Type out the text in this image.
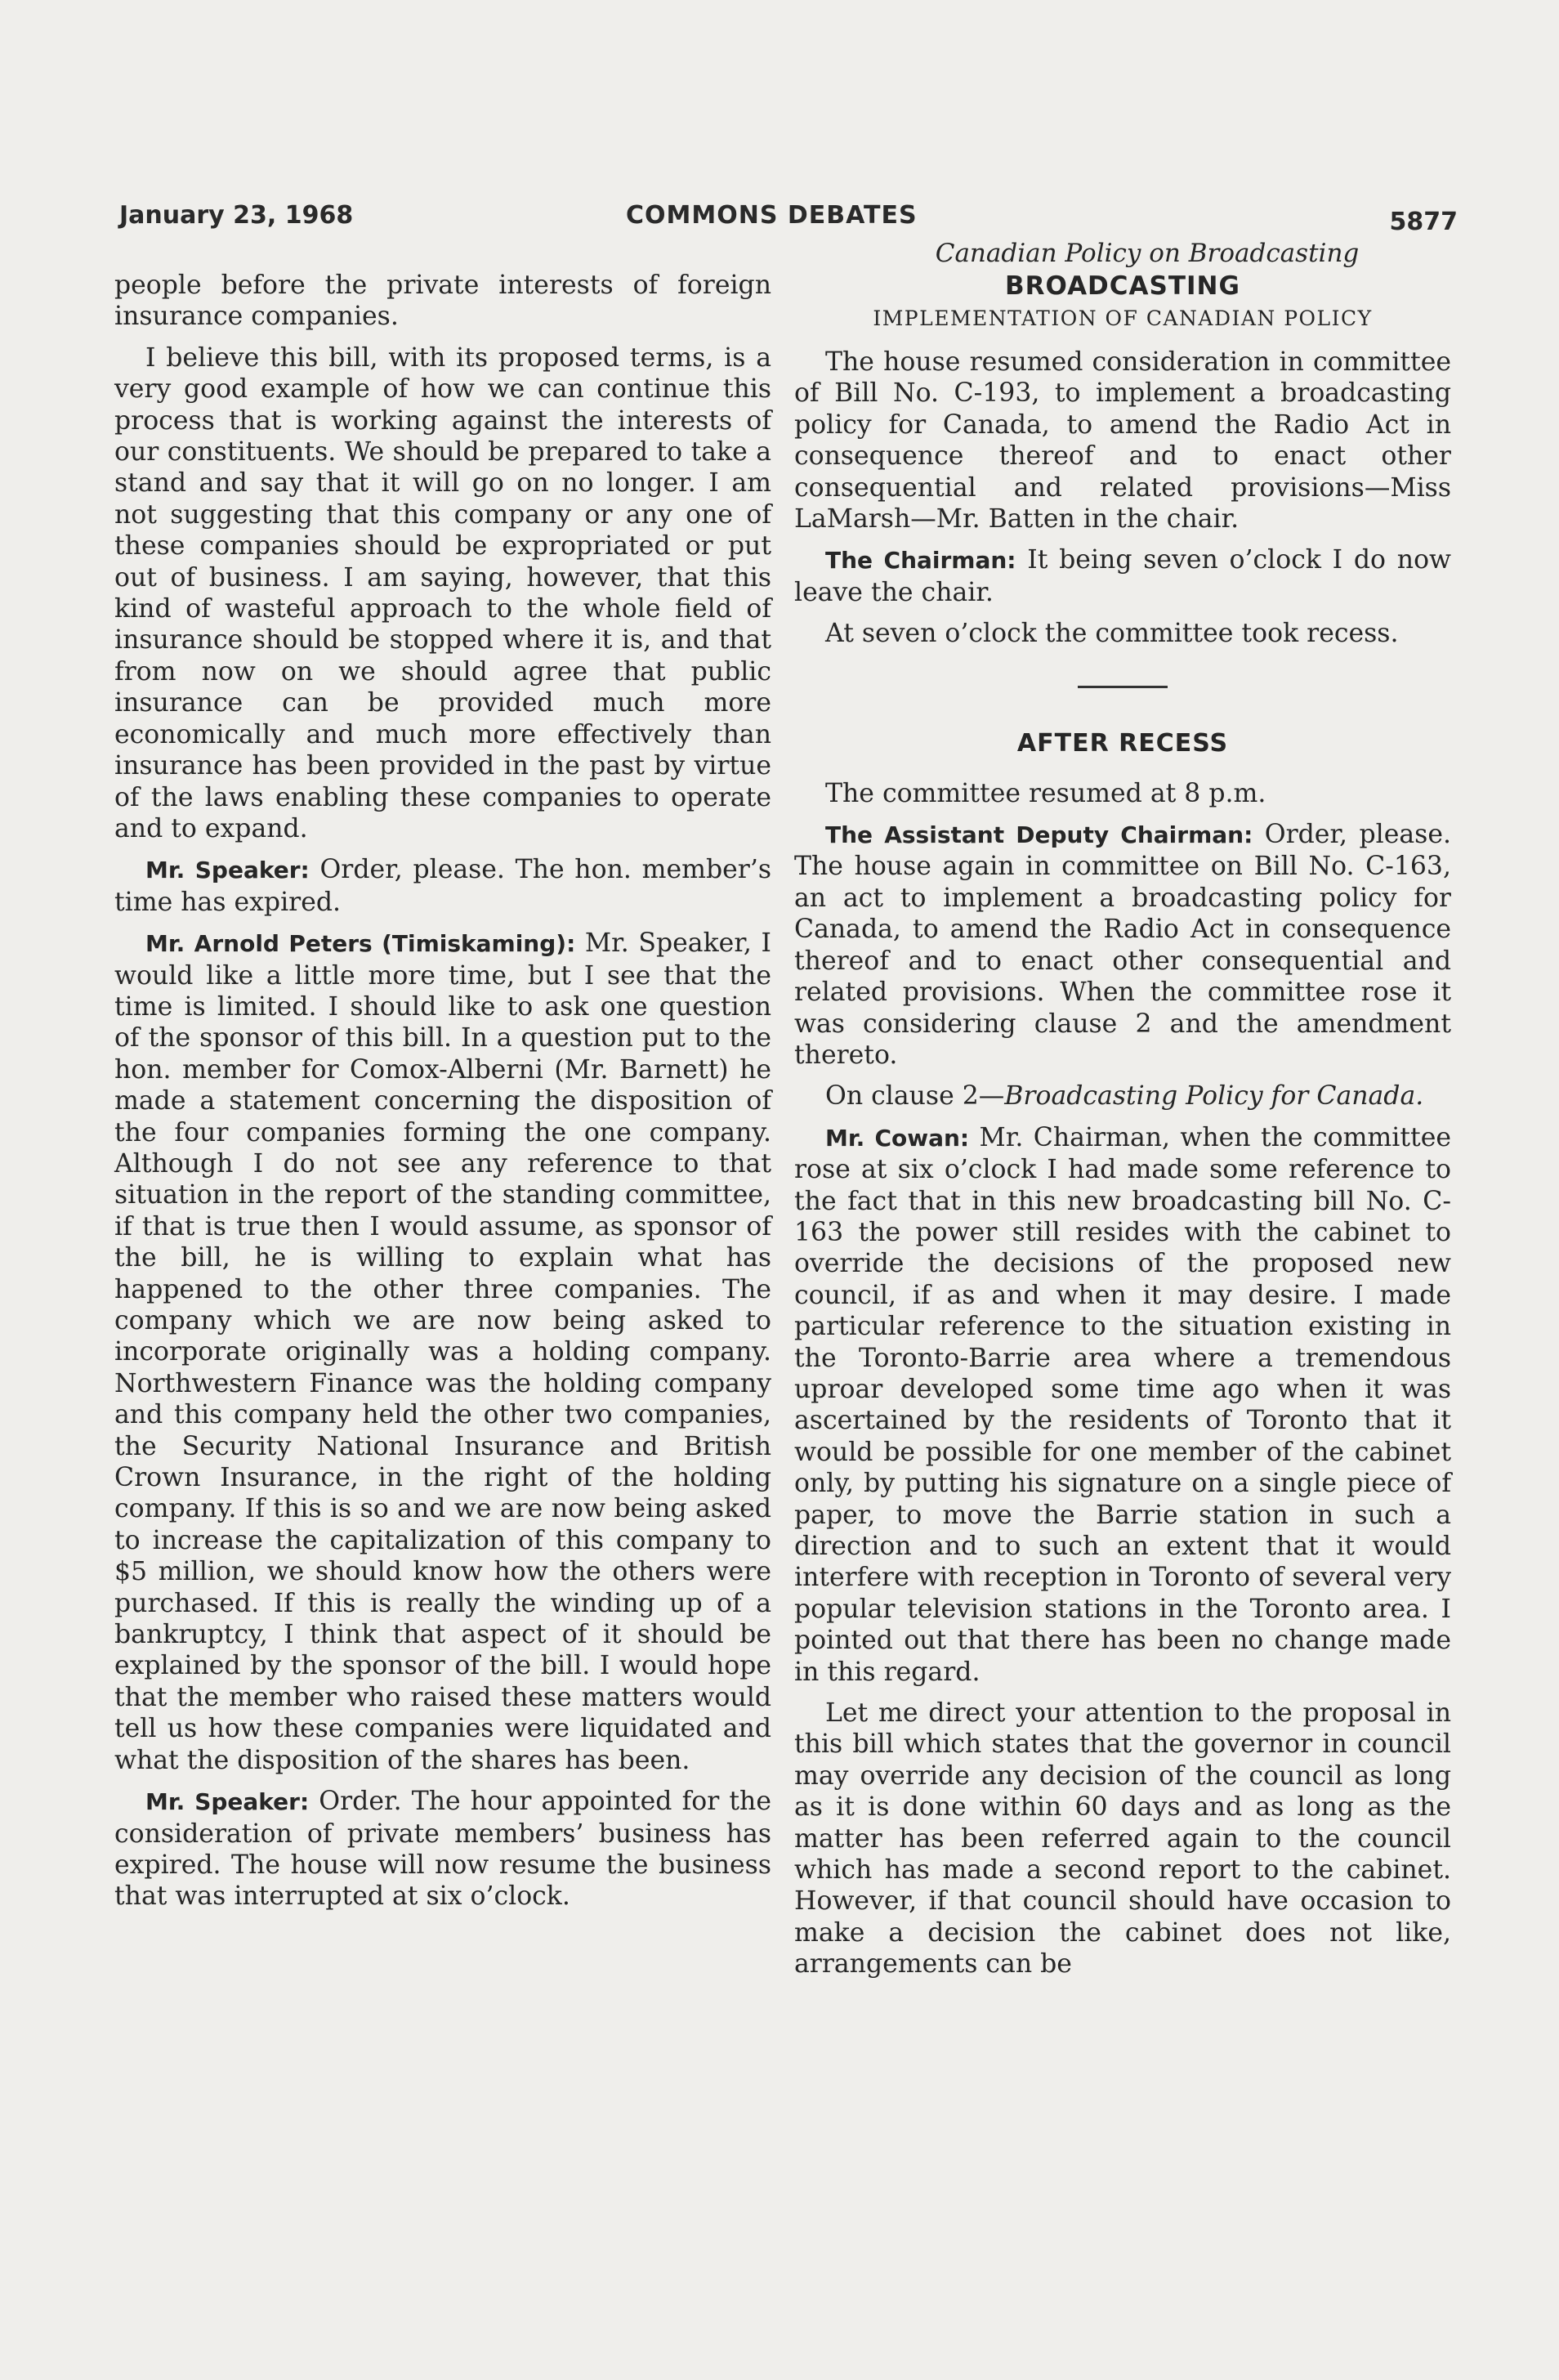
January 23, 1968	COMMONS DEBATES	5877

people before the private interests of foreign insurance companies.

I believe this bill, with its proposed terms, is a very good example of how we can continue this process that is working against the interests of our constituents. We should be prepared to take a stand and say that it will go on no longer. I am not suggesting that this company or any one of these companies should be expropriated or put out of business. I am saying, however, that this kind of wasteful approach to the whole field of insurance should be stopped where it is, and that from now on we should agree that public insurance can be provided much more economically and much more effectively than insurance has been provided in the past by virtue of the laws enabling these companies to operate and to expand.

Mr. Speaker: Order, please. The hon. member’s time has expired.

Mr. Arnold Peters (Timiskaming): Mr. Speaker, I would like a little more time, but I see that the time is limited. I should like to ask one question of the sponsor of this bill. In a question put to the hon. member for Comox-Alberni (Mr. Barnett) he made a statement concerning the disposition of the four companies forming the one company. Although I do not see any reference to that situation in the report of the standing committee, if that is true then I would assume, as sponsor of the bill, he is willing to explain what has happened to the other three companies. The company which we are now being asked to incorporate originally was a holding company. Northwestern Finance was the holding company and this company held the other two companies, the Security National Insurance and British Crown Insurance, in the right of the holding company. If this is so and we are now being asked to increase the capitalization of this company to $5 million, we should know how the others were purchased. If this is really the winding up of a bankruptcy, I think that aspect of it should be explained by the sponsor of the bill. I would hope that the member who raised these matters would tell us how these companies were liquidated and what the disposition of the shares has been.

Mr. Speaker: Order. The hour appointed for the consideration of private members’ business has expired. The house will now resume the business that was interrupted at six o’clock.

Canadian Policy on Broadcasting
BROADCASTING
IMPLEMENTATION OF CANADIAN POLICY

The house resumed consideration in committee of Bill No. C-193, to implement a broadcasting policy for Canada, to amend the Radio Act in consequence thereof and to enact other consequential and related provisions—Miss LaMarsh—Mr. Batten in the chair.

The Chairman: It being seven o’clock I do now leave the chair.

At seven o’clock the committee took recess.

AFTER RECESS

The committee resumed at 8 p.m.

The Assistant Deputy Chairman: Order, please. The house again in committee on Bill No. C-163, an act to implement a broadcasting policy for Canada, to amend the Radio Act in consequence thereof and to enact other consequential and related provisions. When the committee rose it was considering clause 2 and the amendment thereto.

On clause 2—Broadcasting Policy for Canada.

Mr. Cowan: Mr. Chairman, when the committee rose at six o’clock I had made some reference to the fact that in this new broadcasting bill No. C-163 the power still resides with the cabinet to override the decisions of the proposed new council, if as and when it may desire. I made particular reference to the situation existing in the Toronto-Barrie area where a tremendous uproar developed some time ago when it was ascertained by the residents of Toronto that it would be possible for one member of the cabinet only, by putting his signature on a single piece of paper, to move the Barrie station in such a direction and to such an extent that it would interfere with reception in Toronto of several very popular television stations in the Toronto area. I pointed out that there has been no change made in this regard.

Let me direct your attention to the proposal in this bill which states that the governor in council may override any decision of the council as long as it is done within 60 days and as long as the matter has been referred again to the council which has made a second report to the cabinet. However, if that council should have occasion to make a decision the cabinet does not like, arrangements can be
